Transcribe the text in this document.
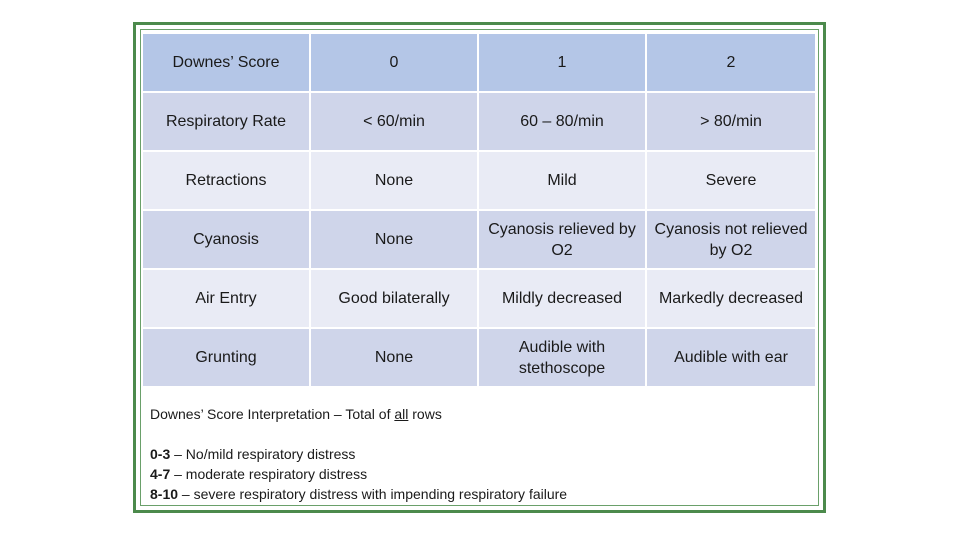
Downes’ Score	0	1	2
Respiratory Rate	< 60/min	60 – 80/min	> 80/min
Retractions	None	Mild	Severe
Cyanosis	None	Cyanosis relieved by O2	Cyanosis not relieved by O2
Air Entry	Good bilaterally	Mildly decreased	Markedly decreased
Grunting	None	Audible with stethoscope	Audible with ear
Downes’ Score Interpretation – Total of all rows
0-3 – No/mild respiratory distress
4-7 – moderate respiratory distress
8-10 – severe respiratory distress with impending respiratory failure
